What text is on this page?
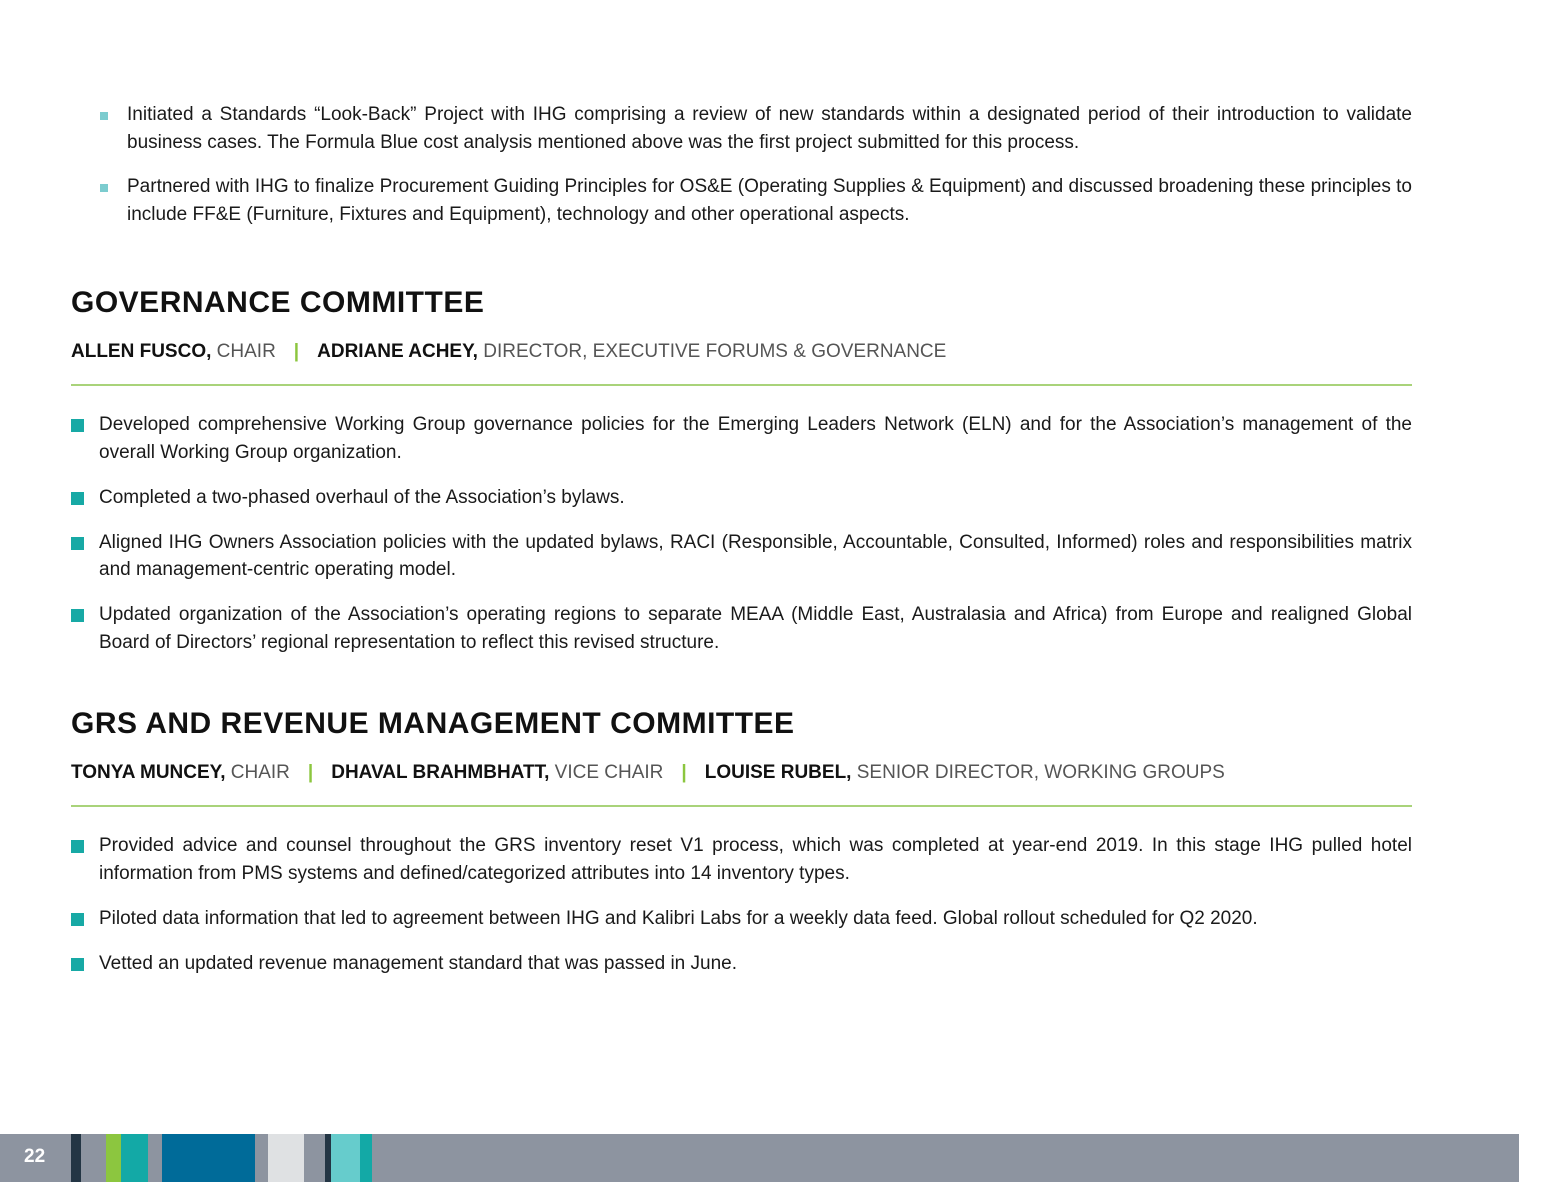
Initiated a Standards “Look-Back” Project with IHG comprising a review of new standards within a designated period of their introduction to validate business cases. The Formula Blue cost analysis mentioned above was the first project submitted for this process.
Partnered with IHG to finalize Procurement Guiding Principles for OS&E (Operating Supplies & Equipment) and discussed broadening these principles to include FF&E (Furniture, Fixtures and Equipment), technology and other operational aspects.
GOVERNANCE COMMITTEE
ALLEN FUSCO, CHAIR | ADRIANE ACHEY, DIRECTOR, EXECUTIVE FORUMS & GOVERNANCE
Developed comprehensive Working Group governance policies for the Emerging Leaders Network (ELN) and for the Association’s management of the overall Working Group organization.
Completed a two-phased overhaul of the Association’s bylaws.
Aligned IHG Owners Association policies with the updated bylaws, RACI (Responsible, Accountable, Consulted, Informed) roles and responsibilities matrix and management-centric operating model.
Updated organization of the Association’s operating regions to separate MEAA (Middle East, Australasia and Africa) from Europe and realigned Global Board of Directors’ regional representation to reflect this revised structure.
GRS AND REVENUE MANAGEMENT COMMITTEE
TONYA MUNCEY, CHAIR | DHAVAL BRAHMBHATT, VICE CHAIR | LOUISE RUBEL, SENIOR DIRECTOR, WORKING GROUPS
Provided advice and counsel throughout the GRS inventory reset V1 process, which was completed at year-end 2019. In this stage IHG pulled hotel information from PMS systems and defined/categorized attributes into 14 inventory types.
Piloted data information that led to agreement between IHG and Kalibri Labs for a weekly data feed. Global rollout scheduled for Q2 2020.
Vetted an updated revenue management standard that was passed in June.
22
